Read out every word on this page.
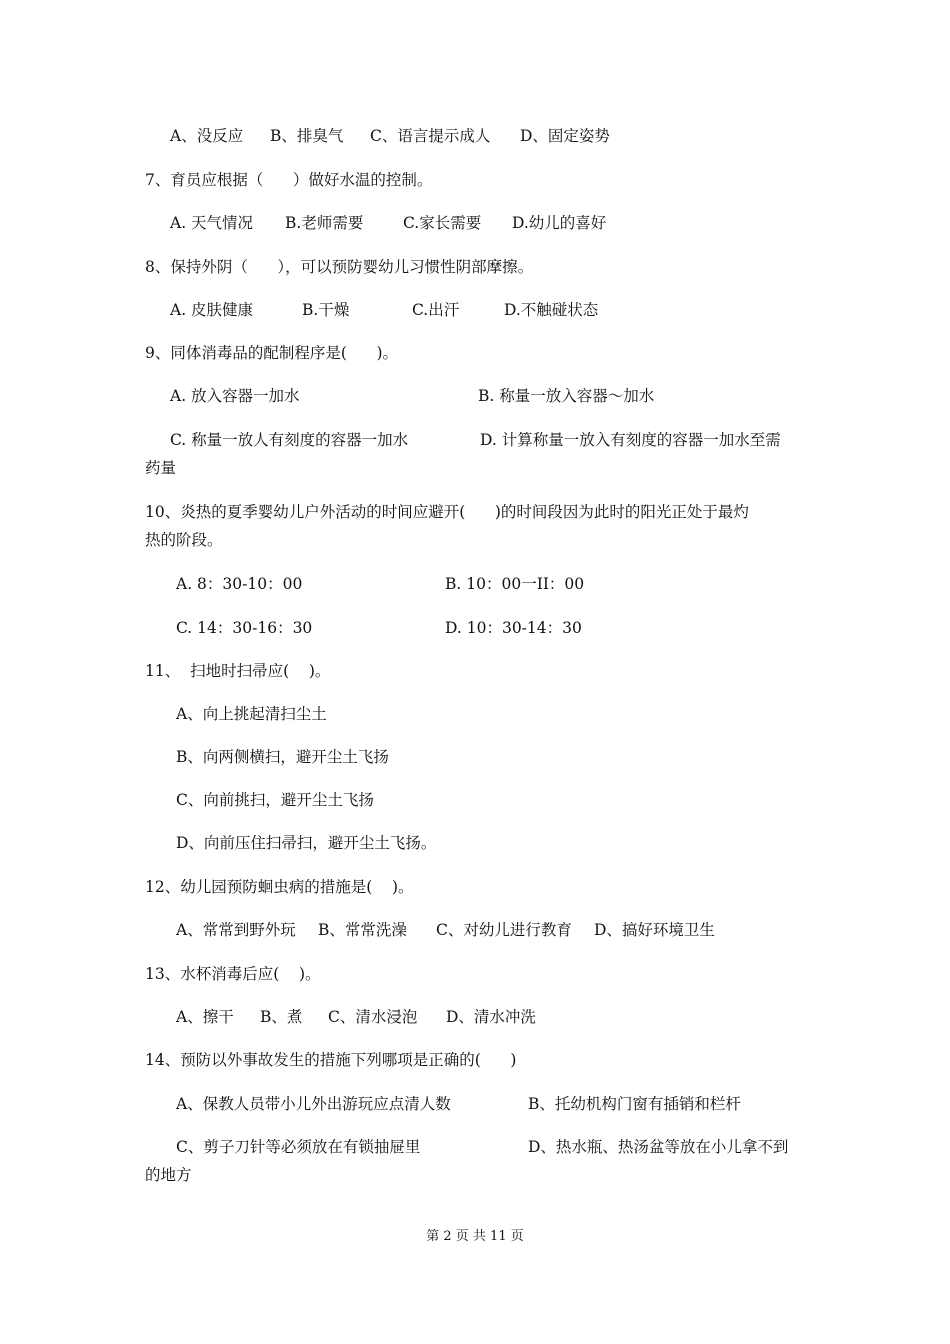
A、没反应 B、排臭气 C、语言提示成人 D、固定姿势
7、育员应根据（      ）做好水温的控制。
A. 天气情况 B.老师需要	C.家长需要 D.幼儿的喜好
8、保持外阴（      ），可以预防婴幼儿习惯性阴部摩擦。
A. 皮肤健康	B.干燥	C.出汗	D.不触碰状态
9、同体消毒品的配制程序是(      )。
A. 放入容器一加水	B. 称量一放入容器～加水
C. 称量一放人有刻度的容器一加水	D. 计算称量一放入有刻度的容器一加水至需
药量
10、炎热的夏季婴幼儿户外活动的时间应避开(      )的时间段因为此时的阳光正处于最灼
热的阶段。
A. 8：30-10：00	B. 10：00一II：00
C. 14：30-16：30	D. 10：30-14：30
11、  扫地时扫帚应(    )。
A、向上挑起清扫尘土
B、向两侧横扫，避开尘土飞扬
C、向前挑扫，避开尘土飞扬
D、向前压住扫帚扫，避开尘土飞扬。
12、幼儿园预防蛔虫病的措施是(    )。
A、常常到野外玩 B、常常洗澡 C、对幼儿进行教育 D、搞好环境卫生
13、水杯消毒后应(    )。
A、擦干 B、煮 C、清水浸泡 D、清水冲洗
14、预防以外事故发生的措施下列哪项是正确的(      )
A、保教人员带小儿外出游玩应点清人数	B、托幼机构门窗有插销和栏杆
C、剪子刀针等必须放在有锁抽屉里	D、热水瓶、热汤盆等放在小儿拿不到
的地方
第 2 页 共 11 页
